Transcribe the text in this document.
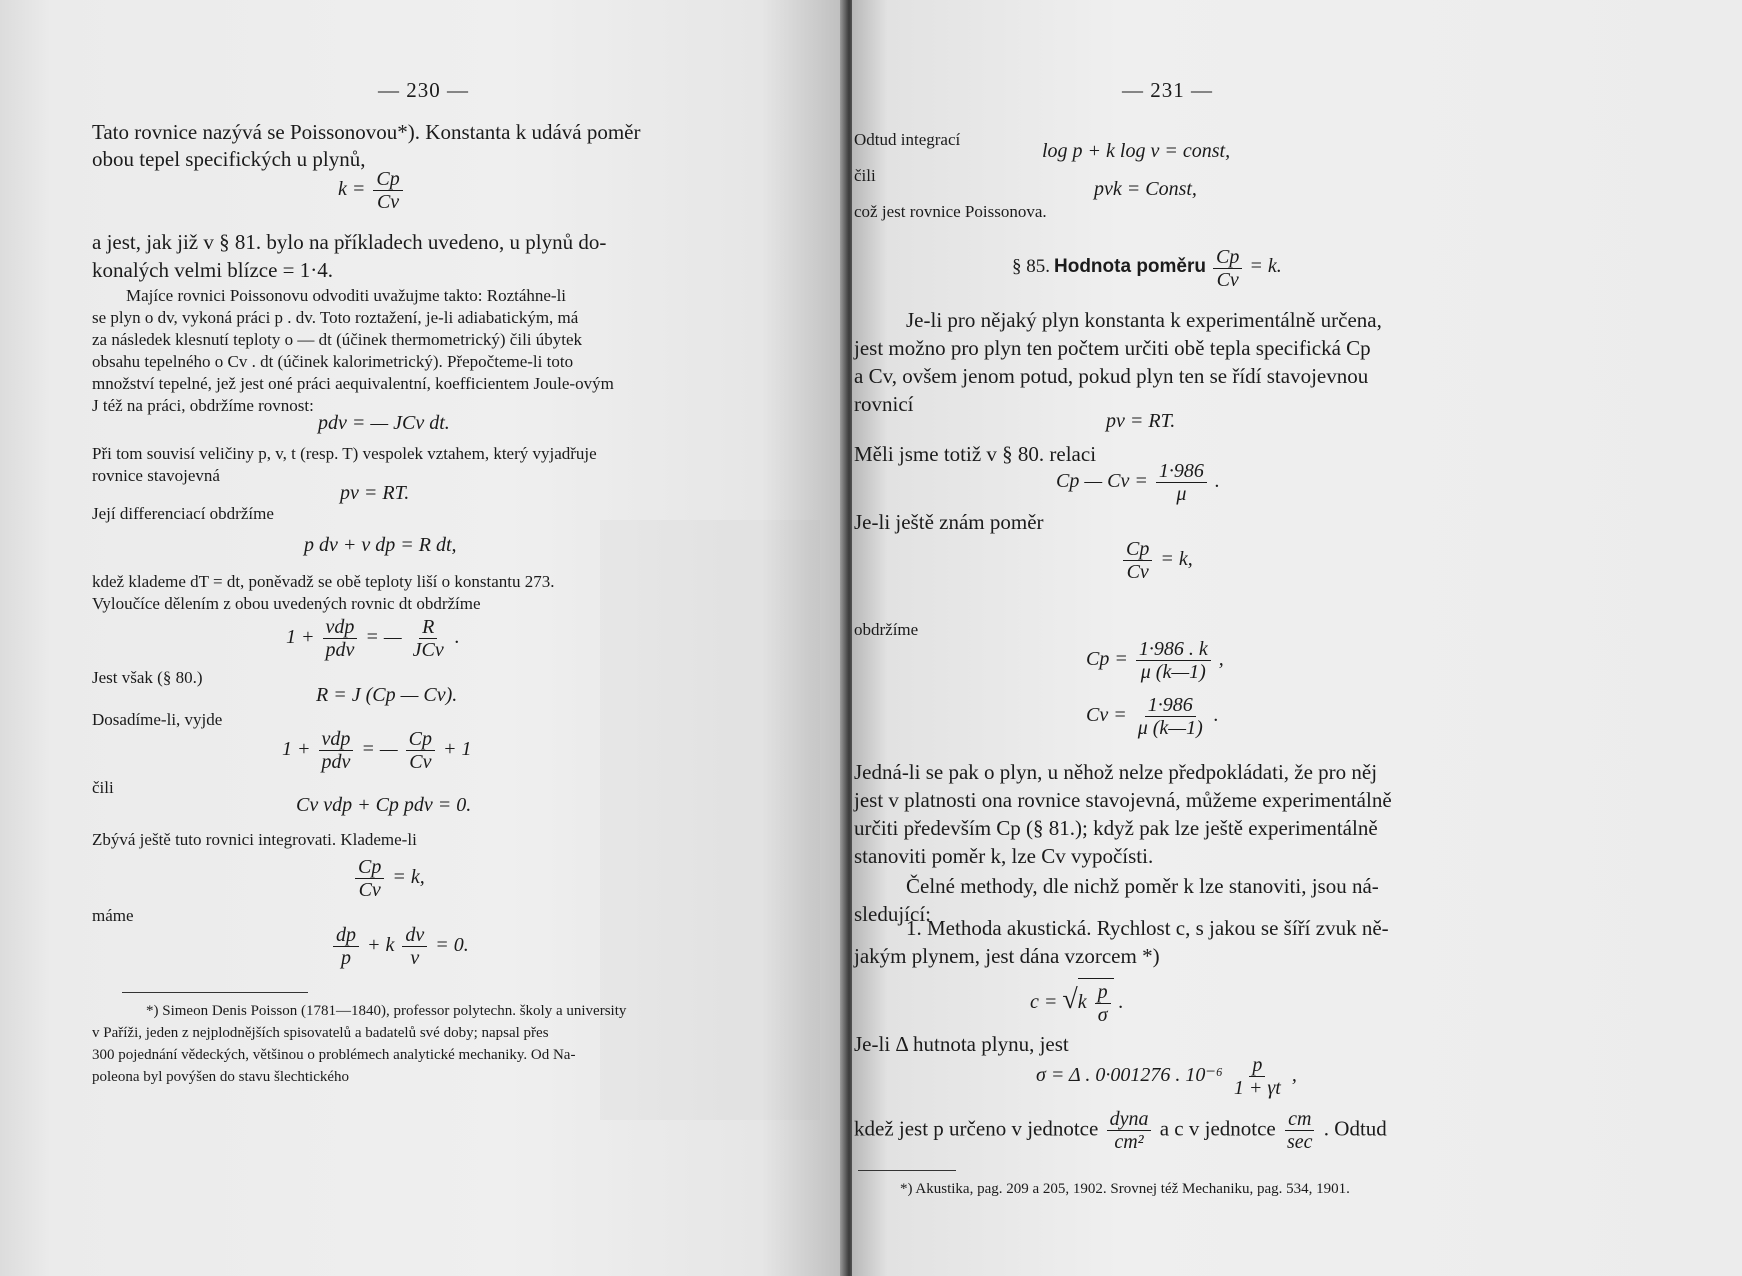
— 230 —
Tato rovnice nazývá se Poissonovou*). Konstanta k udává poměr
obou tepel specifických u plynů,
$k = \frac{Cp}{Cv}$
a jest, jak již v § 81. bylo na příkladech uvedeno, u plynů do-
konalých velmi blízce = 1·4.
Majíce rovnici Poissonovu odvoditi uvažujme takto: Roztáhne-li
se plyn o dv, vykoná práci p . dv. Toto roztažení, je-li adiabatickým, má
za následek klesnutí teploty o — dt (účinek thermometrický) čili úbytek
obsahu tepelného o Cv . dt (účinek kalorimetrický). Přepočteme-li toto
množství tepelné, jež jest oné práci aequivalentní, koefficientem Joule-ovým
J též na práci, obdržíme rovnost:
pdv = — JCv dt.
Při tom souvisí veličiny p, v, t (resp. T) vespolek vztahem, který vyjadřuje
rovnice stavojevná
pv = RT.
Její differenciací obdržíme
p dv + v dp = R dt,
kdež klademe dT = dt, poněvadž se obě teploty liší o konstantu 273.
Vyloučíce dělením z obou uvedených rovnic dt obdržíme
$1 + \frac{\text{vdp}}{\text{pdv}}$ = — $\frac{R}{\text{JCv}}$ .
Jest však (§ 80.)
R = J (Cp — Cv).
Dosadíme-li, vyjde
$1 + \frac{\text{vdp}}{\text{pdv}}$ = — $\frac{Cp}{Cv} + 1$
čili
Cv vdp + Cp pdv = 0.
Zbývá ještě tuto rovnici integrovati. Klademe-li
$\frac{Cp}{Cv} = k$,
máme
$\frac{dp}{p} + k \frac{dv}{v} = 0$.
*) Simeon Denis Poisson (1781—1840), professor polytechn. školy a university
v Paříži, jeden z nejplodnějších spisovatelů a badatelů své doby; napsal přes
300 pojednání vědeckých, většinou o problémech analytické mechaniky. Od Na-
poleona byl povýšen do stavu šlechtického
— 231 —
Odtud integrací
log p + k log v = const,
čili
pvk = Const,
což jest rovnice Poissonova.
§ 85. Hodnota poměru $\frac{Cp}{Cv} = k$.
Je-li pro nějaký plyn konstanta k experimentálně určena,
jest možno pro plyn ten počtem určiti obě tepla specifická Cp
a Cv, ovšem jenom potud, pokud plyn ten se řídí stavojevnou
rovnicí
pv = RT.
Měli jsme totiž v § 80. relaci
Cp — $Cv = \frac{1\cdot 986}{\mu}$ .
Je-li ještě znám poměr
$\frac{Cp}{Cv} = k$,
obdržíme
$Cp = \frac{1\cdot 986 . k}{\mu (k—1)}$ ,
$Cv = \frac{1\cdot 986}{\mu (k—1)}$ .
Jedná-li se pak o plyn, u něhož nelze předpokládati, že pro něj
jest v platnosti ona rovnice stavojevná, můžeme experimentálně
určiti především Cp (§ 81.); když pak lze ještě experimentálně
stanoviti poměr k, lze Cv vypočísti.
Čelné methody, dle nichž poměr k lze stanoviti, jsou ná-
sledující:
1. Methoda akustická. Rychlost c, s jakou se šíří zvuk ně-
jakým plynem, jest dána vzorcem *)
$c = √k \frac{p}{\sigma}$ .
Je-li Δ hutnota plynu, jest
σ = Δ . 0·001276 . $10^{-6} \frac{p}{1 + \gamma t}$ ,
kdež jest p určeno v jednotce $\frac{\text{dyna}}{\text{cm²}}$ a c v jednotce $\frac{cm}{\sec}$ . Odtud
*) Akustika, pag. 209 a 205, 1902. Srovnej též Mechaniku, pag. 534, 1901.
